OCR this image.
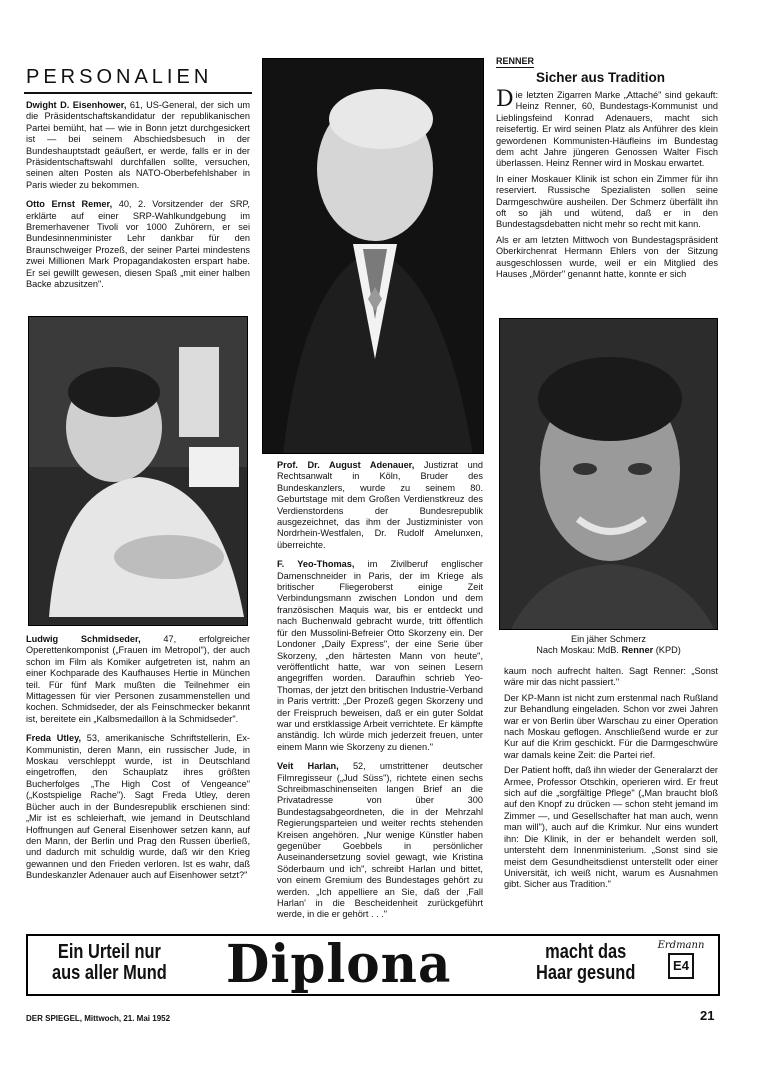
PERSONALIEN

Dwight D. Eisenhower, 61, US-General, der sich um die Präsidentschaftskandidatur der republikanischen Partei bemüht, hat — wie in Bonn jetzt durchgesickert ist — bei seinem Abschiedsbesuch in der Bundeshauptstadt geäußert, er werde, falls er in der Präsidentschaftswahl durchfallen sollte, versuchen, seinen alten Posten als NATO-Oberbefehlshaber in Paris wieder zu bekommen.

Otto Ernst Remer, 40, 2. Vorsitzender der SRP, erklärte auf einer SRP-Wahlkundgebung im Bremerhavener Tivoli vor 1000 Zuhörern, er sei Bundesinnenminister Lehr dankbar für den Braunschweiger Prozeß, der seiner Partei mindestens zwei Millionen Mark Propagandakosten erspart habe. Er sei gewillt gewesen, diesen Spaß „mit einer halben Backe abzusitzen".

Ludwig Schmidseder, 47, erfolgreicher Operettenkomponist („Frauen im Metropol"), der auch schon im Film als Komiker aufgetreten ist, nahm an einer Kochparade des Kaufhauses Hertie in München teil. Für fünf Mark mußten die Teilnehmer ein Mittagessen für vier Personen zusammenstellen und kochen. Schmidseder, der als Feinschmecker bekannt ist, bereitete ein „Kalbsmedaillon à la Schmidseder".

Freda Utley, 53, amerikanische Schriftstellerin, Ex-Kommunistin, deren Mann, ein russischer Jude, in Moskau verschleppt wurde, ist in Deutschland eingetroffen, den Schauplatz ihres größten Bucherfolges „The High Cost of Vengeance" („Kostspielige Rache"). Sagt Freda Utley, deren Bücher auch in der Bundesrepublik erschienen sind: „Mir ist es schleierhaft, wie jemand in Deutschland Hoffnungen auf General Eisenhower setzen kann, auf den Mann, der Berlin und Prag den Russen überließ, und dadurch mit schuldig wurde, daß wir den Krieg gewannen und den Frieden verloren. Ist es wahr, daß Bundeskanzler Adenauer auch auf Eisenhower setzt?"

Prof. Dr. August Adenauer, Justizrat und Rechtsanwalt in Köln, Bruder des Bundeskanzlers, wurde zu seinem 80. Geburtstage mit dem Großen Verdienstkreuz des Verdienstordens der Bundesrepublik ausgezeichnet, das ihm der Justizminister von Nordrhein-Westfalen, Dr. Rudolf Amelunxen, überreichte.

F. Yeo-Thomas, im Zivilberuf englischer Damenschneider in Paris, der im Kriege als britischer Fliegeroberst einige Zeit Verbindungsmann zwischen London und dem französischen Maquis war, bis er entdeckt und nach Buchenwald gebracht wurde, tritt öffentlich für den Mussolini-Befreier Otto Skorzeny ein. Der Londoner „Daily Express", der eine Serie über Skorzeny, „den härtesten Mann von heute", veröffentlicht hatte, war von seinen Lesern angegriffen worden. Daraufhin schrieb Yeo-Thomas, der jetzt den britischen Industrie-Verband in Paris vertritt: „Der Prozeß gegen Skorzeny und der Freispruch beweisen, daß er ein guter Soldat war und erstklassige Arbeit verrichtete. Er kämpfte anständig. Ich würde mich jederzeit freuen, unter einem Mann wie Skorzeny zu dienen."

Veit Harlan, 52, umstrittener deutscher Filmregisseur („Jud Süss"), richtete einen sechs Schreibmaschinenseiten langen Brief an die Privatadresse von über 300 Bundestagsabgeordneten, die in der Mehrzahl Regierungsparteien und weiter rechts stehenden Kreisen angehören. „Nur wenige Künstler haben gegenüber Goebbels in persönlicher Auseinandersetzung soviel gewagt, wie Kristina Söderbaum und ich", schreibt Harlan und bittet, von einem Gremium des Bundestages gehört zu werden. „Ich appelliere an Sie, daß der ‚Fall Harlan' in die Bescheidenheit zurückgeführt werde, in die er gehört . . ."

RENNER
Sicher aus Tradition

Die letzten Zigarren Marke „Attaché" sind gekauft: Heinz Renner, 60, Bundestags-Kommunist und Lieblingsfeind Konrad Adenauers, macht sich reisefertig. Er wird seinen Platz als Anführer des klein gewordenen Kommunisten-Häufleins im Bundestag dem acht Jahre jüngeren Genossen Walter Fisch überlassen. Heinz Renner wird in Moskau erwartet.

In einer Moskauer Klinik ist schon ein Zimmer für ihn reserviert. Russische Spezialisten sollen seine Darmgeschwüre ausheilen. Der Schmerz überfällt ihn oft so jäh und wütend, daß er in den Bundestagsdebatten nicht mehr so recht mit kann.

Als er am letzten Mittwoch von Bundestagspräsident Oberkirchenrat Hermann Ehlers von der Sitzung ausgeschlossen wurde, weil er ein Mitglied des Hauses „Mörder" genannt hatte, konnte er sich

Ein jäher Schmerz
Nach Moskau: MdB. Renner (KPD)

kaum noch aufrecht halten. Sagt Renner: „Sonst wäre mir das nicht passiert."

Der KP-Mann ist nicht zum erstenmal nach Rußland zur Behandlung eingeladen. Schon vor zwei Jahren war er von Berlin über Warschau zu einer Operation nach Moskau geflogen. Anschließend wurde er zur Kur auf die Krim geschickt. Für die Darmgeschwüre war damals keine Zeit: die Partei rief.

Der Patient hofft, daß ihn wieder der Generalarzt der Armee, Professor Otschkin, operieren wird. Er freut sich auf die „sorgfältige Pflege" („Man braucht bloß auf den Knopf zu drücken — schon steht jemand im Zimmer —, und Gesellschafter hat man auch, wenn man will"), auch auf die Krimkur. Nur eins wundert ihn: Die Klinik, in der er behandelt werden soll, untersteht dem Innenministerium. „Sonst sind sie meist dem Gesundheitsdienst unterstellt oder einer Universität, ich weiß nicht, warum es Ausnahmen gibt. Sicher aus Tradition."

Ein Urteil nur
aus aller Mund Diplona	macht das
Haar gesund
Erdmann
E4
DER SPIEGEL, Mittwoch, 21. Mai 1952	21
